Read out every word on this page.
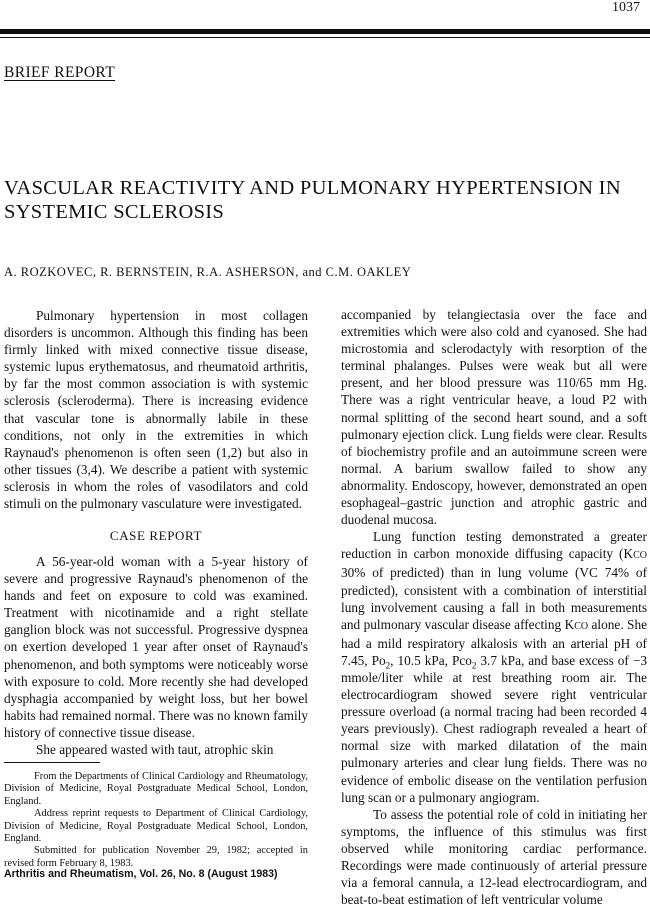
1037
BRIEF REPORT
VASCULAR REACTIVITY AND PULMONARY HYPERTENSION IN
SYSTEMIC SCLEROSIS
A. ROZKOVEC, R. BERNSTEIN, R.A. ASHERSON, and C.M. OAKLEY

Pulmonary hypertension in most collagen disorders is uncommon. Although this finding has been firmly linked with mixed connective tissue disease, systemic lupus erythematosus, and rheumatoid arthritis, by far the most common association is with systemic sclerosis (scleroderma). There is increasing evidence that vascular tone is abnormally labile in these conditions, not only in the extremities in which Raynaud's phenomenon is often seen (1,2) but also in other tissues (3,4). We describe a patient with systemic sclerosis in whom the roles of vasodilators and cold stimuli on the pulmonary vasculature were investigated.

CASE REPORT

A 56-year-old woman with a 5-year history of severe and progressive Raynaud's phenomenon of the hands and feet on exposure to cold was examined. Treatment with nicotinamide and a right stellate ganglion block was not successful. Progressive dyspnea on exertion developed 1 year after onset of Raynaud's phenomenon, and both symptoms were noticeably worse with exposure to cold. More recently she had developed dysphagia accompanied by weight loss, but her bowel habits had remained normal. There was no known family history of connective tissue disease.

She appeared wasted with taut, atrophic skin

From the Departments of Clinical Cardiology and Rheumatology, Division of Medicine, Royal Postgraduate Medical School, London, England.

Address reprint requests to Department of Clinical Cardiology, Division of Medicine, Royal Postgraduate Medical School, London, England.

Submitted for publication November 29, 1982; accepted in revised form February 8, 1983.

Arthritis and Rheumatism, Vol. 26, No. 8 (August 1983)

accompanied by telangiectasia over the face and extremities which were also cold and cyanosed. She had microstomia and sclerodactyly with resorption of the terminal phalanges. Pulses were weak but all were present, and her blood pressure was 110/65 mm Hg. There was a right ventricular heave, a loud P2 with normal splitting of the second heart sound, and a soft pulmonary ejection click. Lung fields were clear. Results of biochemistry profile and an autoimmune screen were normal. A barium swallow failed to show any abnormality. Endoscopy, however, demonstrated an open esophageal–gastric junction and atrophic gastric and duodenal mucosa.

Lung function testing demonstrated a greater reduction in carbon monoxide diffusing capacity (KCO 30% of predicted) than in lung volume (VC 74% of predicted), consistent with a combination of interstitial lung involvement causing a fall in both measurements and pulmonary vascular disease affecting KCO alone. She had a mild respiratory alkalosis with an arterial pH of 7.45, $Po_2$, 10.5 kPa, Pco$_2$ 3.7 kPa, and base excess of −3 mmole/liter while at rest breathing room air. The electrocardiogram showed severe right ventricular pressure overload (a normal tracing had been recorded 4 years previously). Chest radiograph revealed a heart of normal size with marked dilatation of the main pulmonary arteries and clear lung fields. There was no evidence of embolic disease on the ventilation perfusion lung scan or a pulmonary angiogram.

To assess the potential role of cold in initiating her symptoms, the influence of this stimulus was first observed while monitoring cardiac performance. Recordings were made continuously of arterial pressure via a femoral cannula, a 12-lead electrocardiogram, and beat-to-beat estimation of left ventricular volume
